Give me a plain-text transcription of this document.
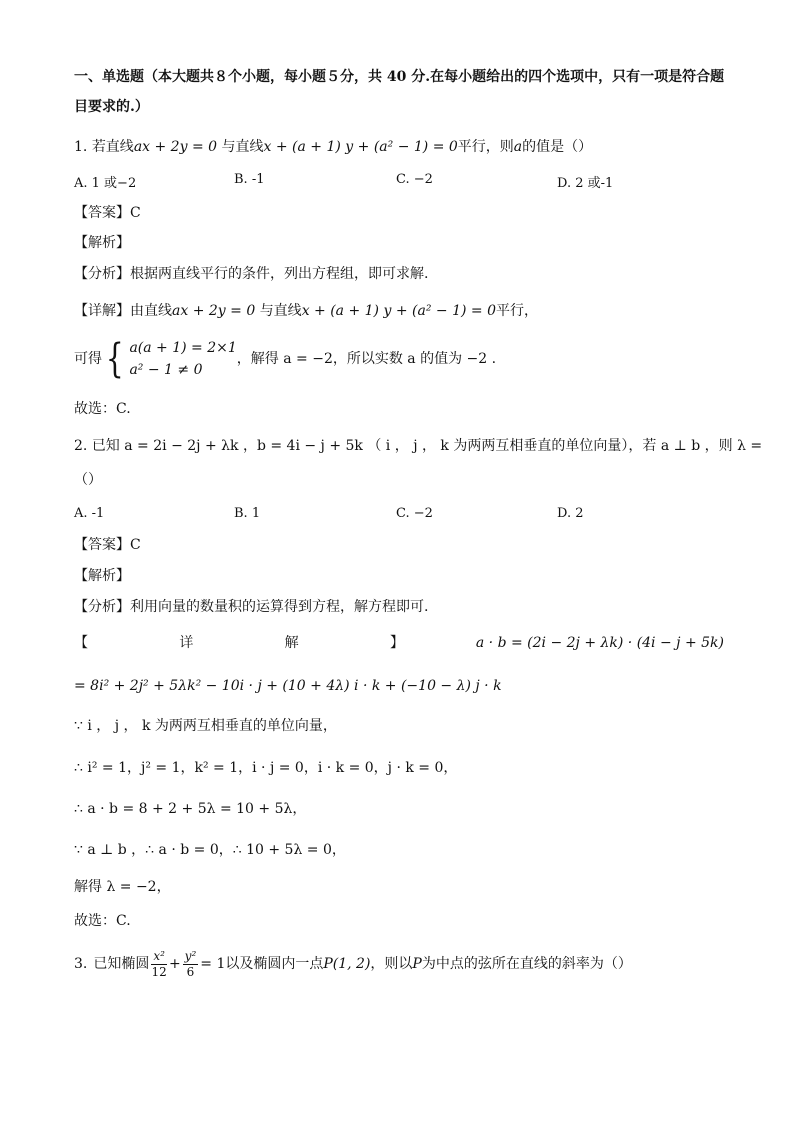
一、单选题（本大题共８个小题，每小题５分，共 40 分.在每小题给出的四个选项中，只有一项是符合题
目要求的.）
1. 若直线ax + 2y = 0 与直线x + (a + 1) y + (a² − 1) = 0平行，则a的值是（）
A. 1 或−2	B. -1	C. −2	D. 2 或-1
【答案】C
【解析】
【分析】根据两直线平行的条件，列出方程组，即可求解.
【详解】由直线ax + 2y = 0 与直线x + (a + 1) y + (a² − 1) = 0平行，
可得 { a(a + 1) = 2×1
a² − 1 ≠ 0
，解得 a = −2，所以实数 a 的值为 −2 .
故选：C.
2. 已知 a = 2i − 2j + λk ，b = 4i − j + 5k （ i ， j ， k 为两两互相垂直的单位向量），若 a ⊥ b ，则 λ =
（）
A. -1	B. 1	C. −2	D. 2
【答案】C
【解析】
【分析】利用向量的数量积的运算得到方程，解方程即可.
【	详	解	】	a · b = (2i − 2j + λk) · (4i − j + 5k)
= 8i² + 2j² + 5λk² − 10i · j + (10 + 4λ) i · k + (−10 − λ) j · k
∵ i ， j ， k 为两两互相垂直的单位向量，
∴ i² = 1，j² = 1，k² = 1，i · j = 0，i · k = 0，j · k = 0，
∴ a · b = 8 + 2 + 5λ = 10 + 5λ，
∵ a ⊥ b ，∴ a · b = 0，∴ 10 + 5λ = 0，
解得 λ = −2，
故选：C.
3. 已知椭圆 $\frac{\text{x²}}{12} + \frac{\text{y²}}{6} = 1$ 以及椭圆内一点 P(1, 2) ，则以 P 为中点的弦所在直线的斜率为（）
